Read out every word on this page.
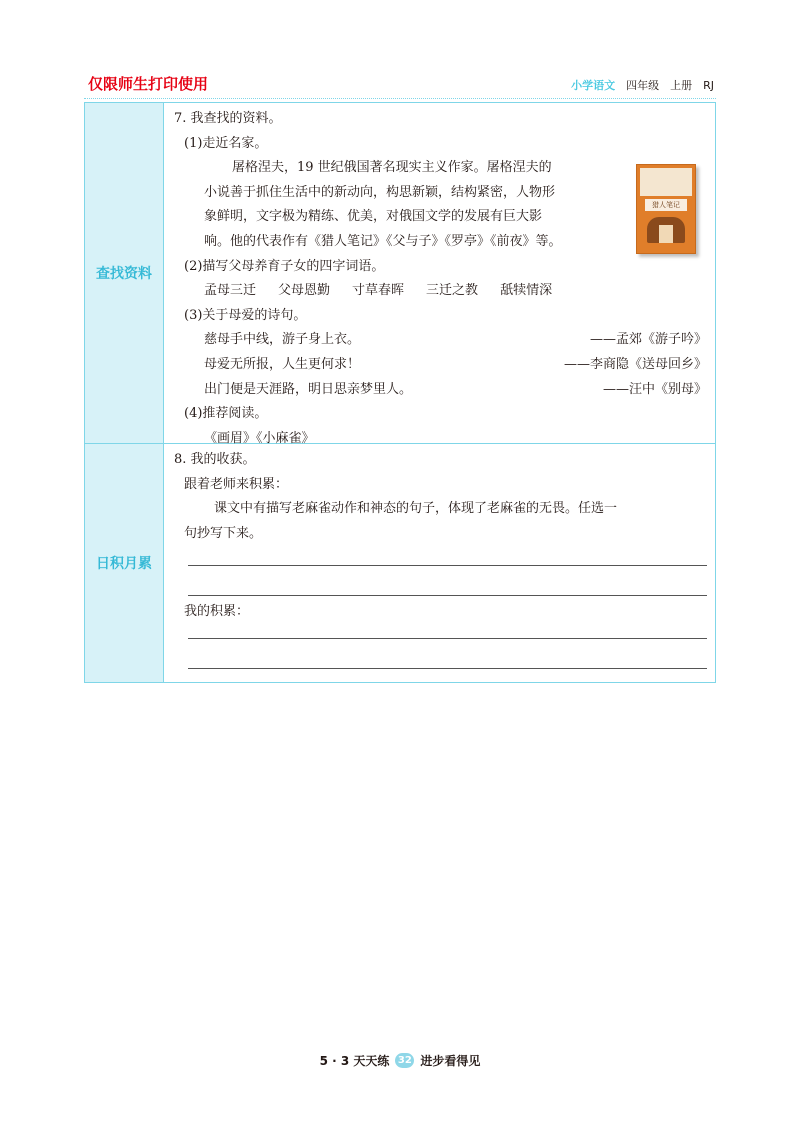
仅限师生打印使用	小学语文 四年级 上册 RJ
查找资料
7. 我查找的资料。
(1)走近名家。
屠格涅夫，19 世纪俄国著名现实主义作家。屠格涅夫的
小说善于抓住生活中的新动向，构思新颖，结构紧密，人物形
象鲜明，文字极为精练、优美，对俄国文学的发展有巨大影
响。他的代表作有《猎人笔记》《父与子》《罗亭》《前夜》等。
猎人笔记
(2)描写父母养育子女的四字词语。
孟母三迁 父母恩勤 寸草春晖 三迁之教 舐犊情深
(3)关于母爱的诗句。
慈母手中线，游子身上衣。	——孟郊《游子吟》
母爱无所报，人生更何求！	——李商隐《送母回乡》
出门便是天涯路，明日思亲梦里人。	——汪中《别母》
(4)推荐阅读。
《画眉》《小麻雀》
日积月累
8. 我的收获。
跟着老师来积累：
课文中有描写老麻雀动作和神态的句子，体现了老麻雀的无畏。任选一
句抄写下来。
我的积累：
5 · 3 天天练 32 进步看得见
